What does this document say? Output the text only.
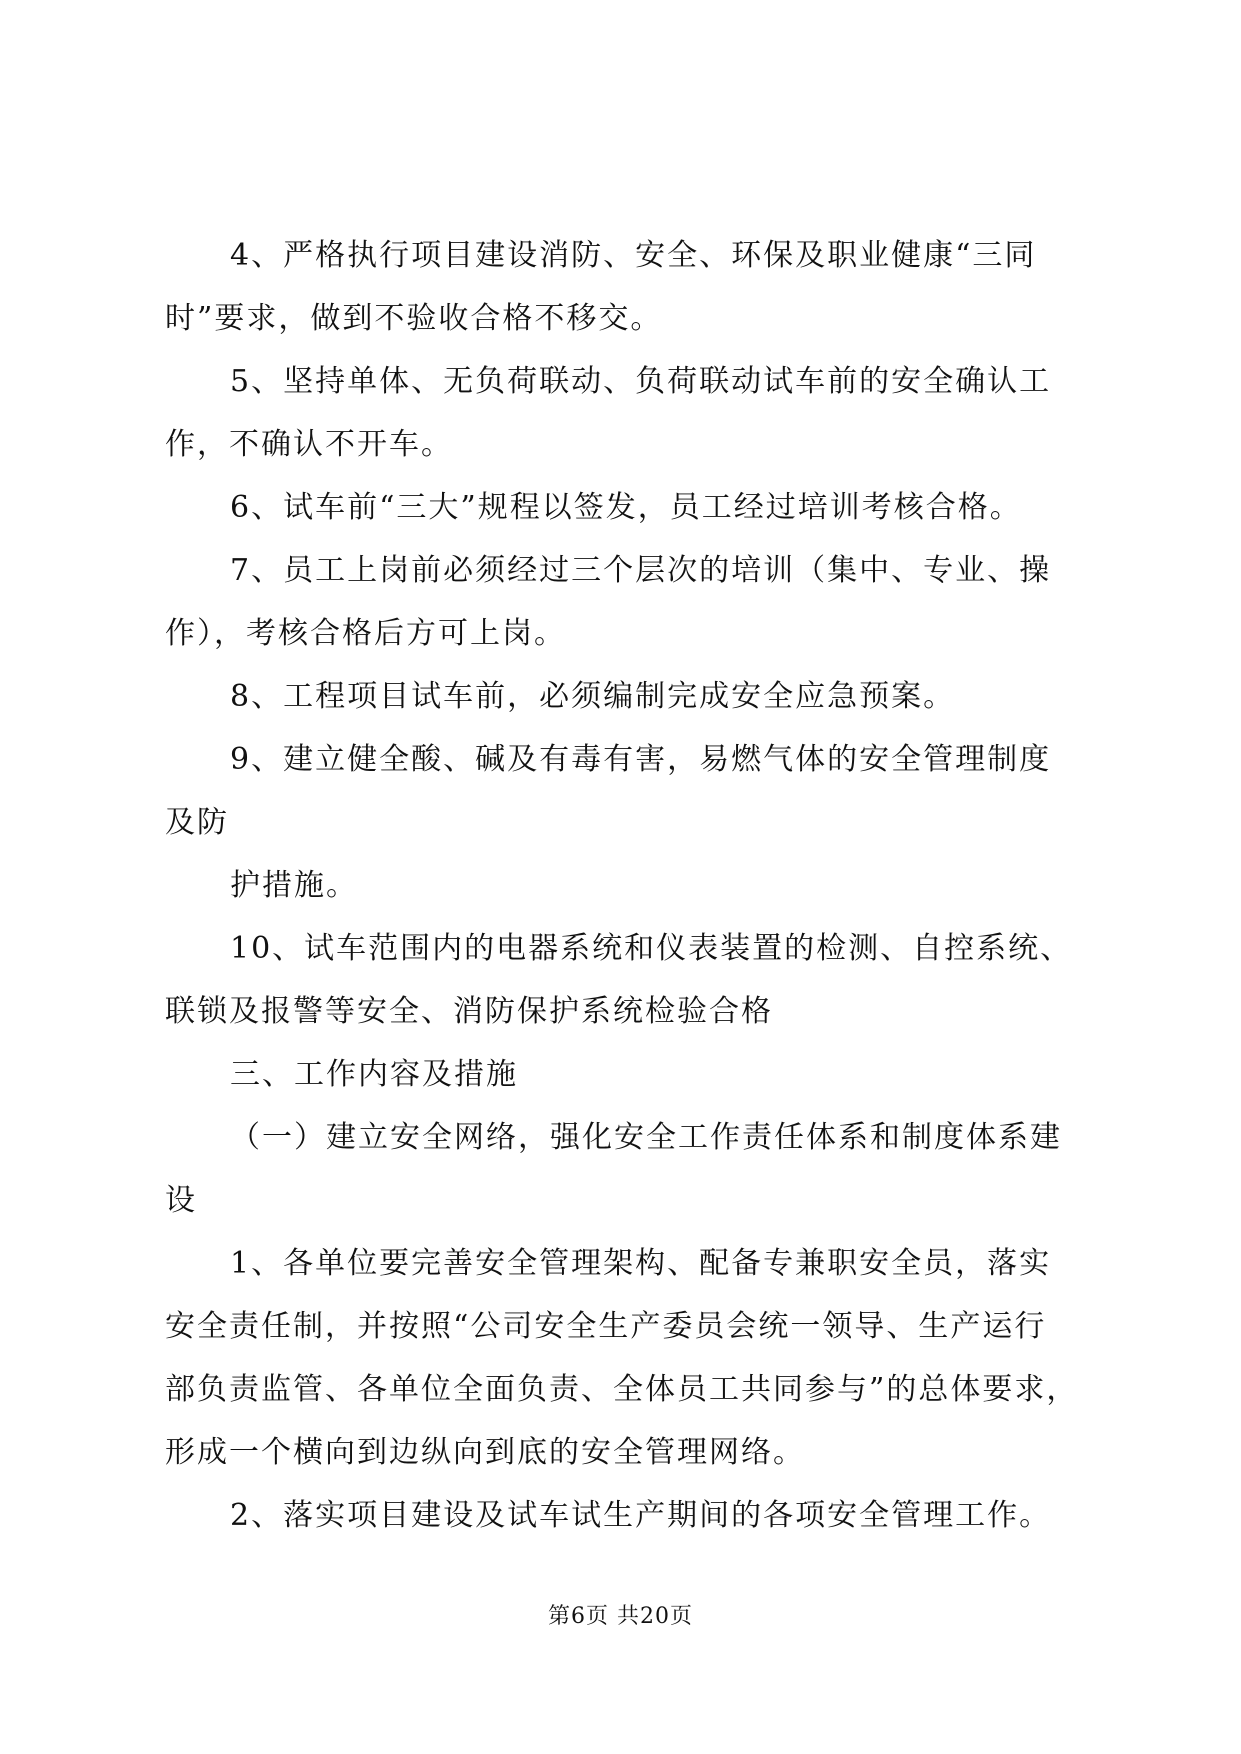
4、严格执行项目建设消防、安全、环保及职业健康“三同
时”要求，做到不验收合格不移交。
5、坚持单体、无负荷联动、负荷联动试车前的安全确认工
作，不确认不开车。
6、试车前“三大”规程以签发，员工经过培训考核合格。
7、员工上岗前必须经过三个层次的培训（集中、专业、操
作），考核合格后方可上岗。
8、工程项目试车前，必须编制完成安全应急预案。
9、建立健全酸、碱及有毒有害，易燃气体的安全管理制度
及防
护措施。
10、试车范围内的电器系统和仪表装置的检测、自控系统、
联锁及报警等安全、消防保护系统检验合格
三、工作内容及措施
（一）建立安全网络，强化安全工作责任体系和制度体系建
设
1、各单位要完善安全管理架构、配备专兼职安全员，落实
安全责任制，并按照“公司安全生产委员会统一领导、生产运行
部负责监管、各单位全面负责、全体员工共同参与”的总体要求，
形成一个横向到边纵向到底的安全管理网络。
2、落实项目建设及试车试生产期间的各项安全管理工作。
第6页 共20页
